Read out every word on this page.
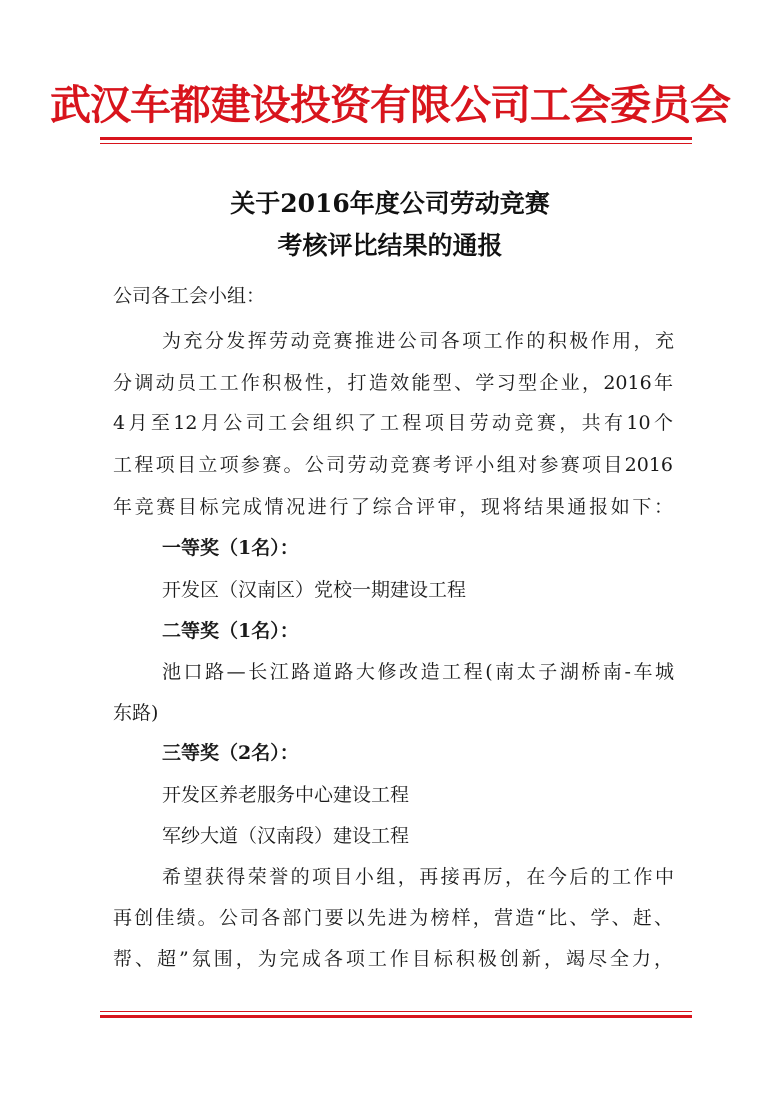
武汉车都建设投资有限公司工会委员会
关于2016年度公司劳动竞赛
考核评比结果的通报
公司各工会小组：
为充分发挥劳动竞赛推进公司各项工作的积极作用，充
分调动员工工作积极性，打造效能型、学习型企业，2016年
4月至12月公司工会组织了工程项目劳动竞赛，共有10个
工程项目立项参赛。公司劳动竞赛考评小组对参赛项目2016
年竞赛目标完成情况进行了综合评审，现将结果通报如下：
一等奖（1名）：
开发区（汉南区）党校一期建设工程
二等奖（1名）：
池口路—长江路道路大修改造工程(南太子湖桥南-车城
东路)
三等奖（2名）：
开发区养老服务中心建设工程
军纱大道（汉南段）建设工程
希望获得荣誉的项目小组，再接再厉，在今后的工作中
再创佳绩。公司各部门要以先进为榜样，营造“比、学、赶、
帮、超”氛围，为完成各项工作目标积极创新，竭尽全力，
